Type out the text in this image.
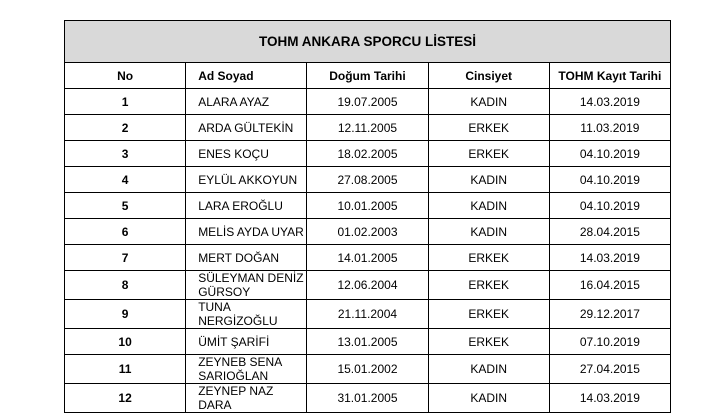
TOHM ANKARA SPORCU LİSTESİ				
No	Ad Soyad	Doğum Tarihi	Cinsiyet	TOHM Kayıt Tarihi
1	ALARA AYAZ	19.07.2005	KADIN	14.03.2019
2	ARDA GÜLTEKİN	12.11.2005	ERKEK	11.03.2019
3	ENES KOÇU	18.02.2005	ERKEK	04.10.2019
4	EYLÜL AKKOYUN	27.08.2005	KADIN	04.10.2019
5	LARA EROĞLU	10.01.2005	KADIN	04.10.2019
6	MELİS AYDA UYAR	01.02.2003	KADIN	28.04.2015
7	MERT DOĞAN	14.01.2005	ERKEK	14.03.2019
8	SÜLEYMAN DENİZ GÜRSOY	12.06.2004	ERKEK	16.04.2015
9	TUNA NERGİZOĞLU	21.11.2004	ERKEK	29.12.2017
10	ÜMİT ŞARİFİ	13.01.2005	ERKEK	07.10.2019
11	ZEYNEB SENA SARIOĞLAN	15.01.2002	KADIN	27.04.2015
12	ZEYNEP NAZ DARA	31.01.2005	KADIN	14.03.2019
